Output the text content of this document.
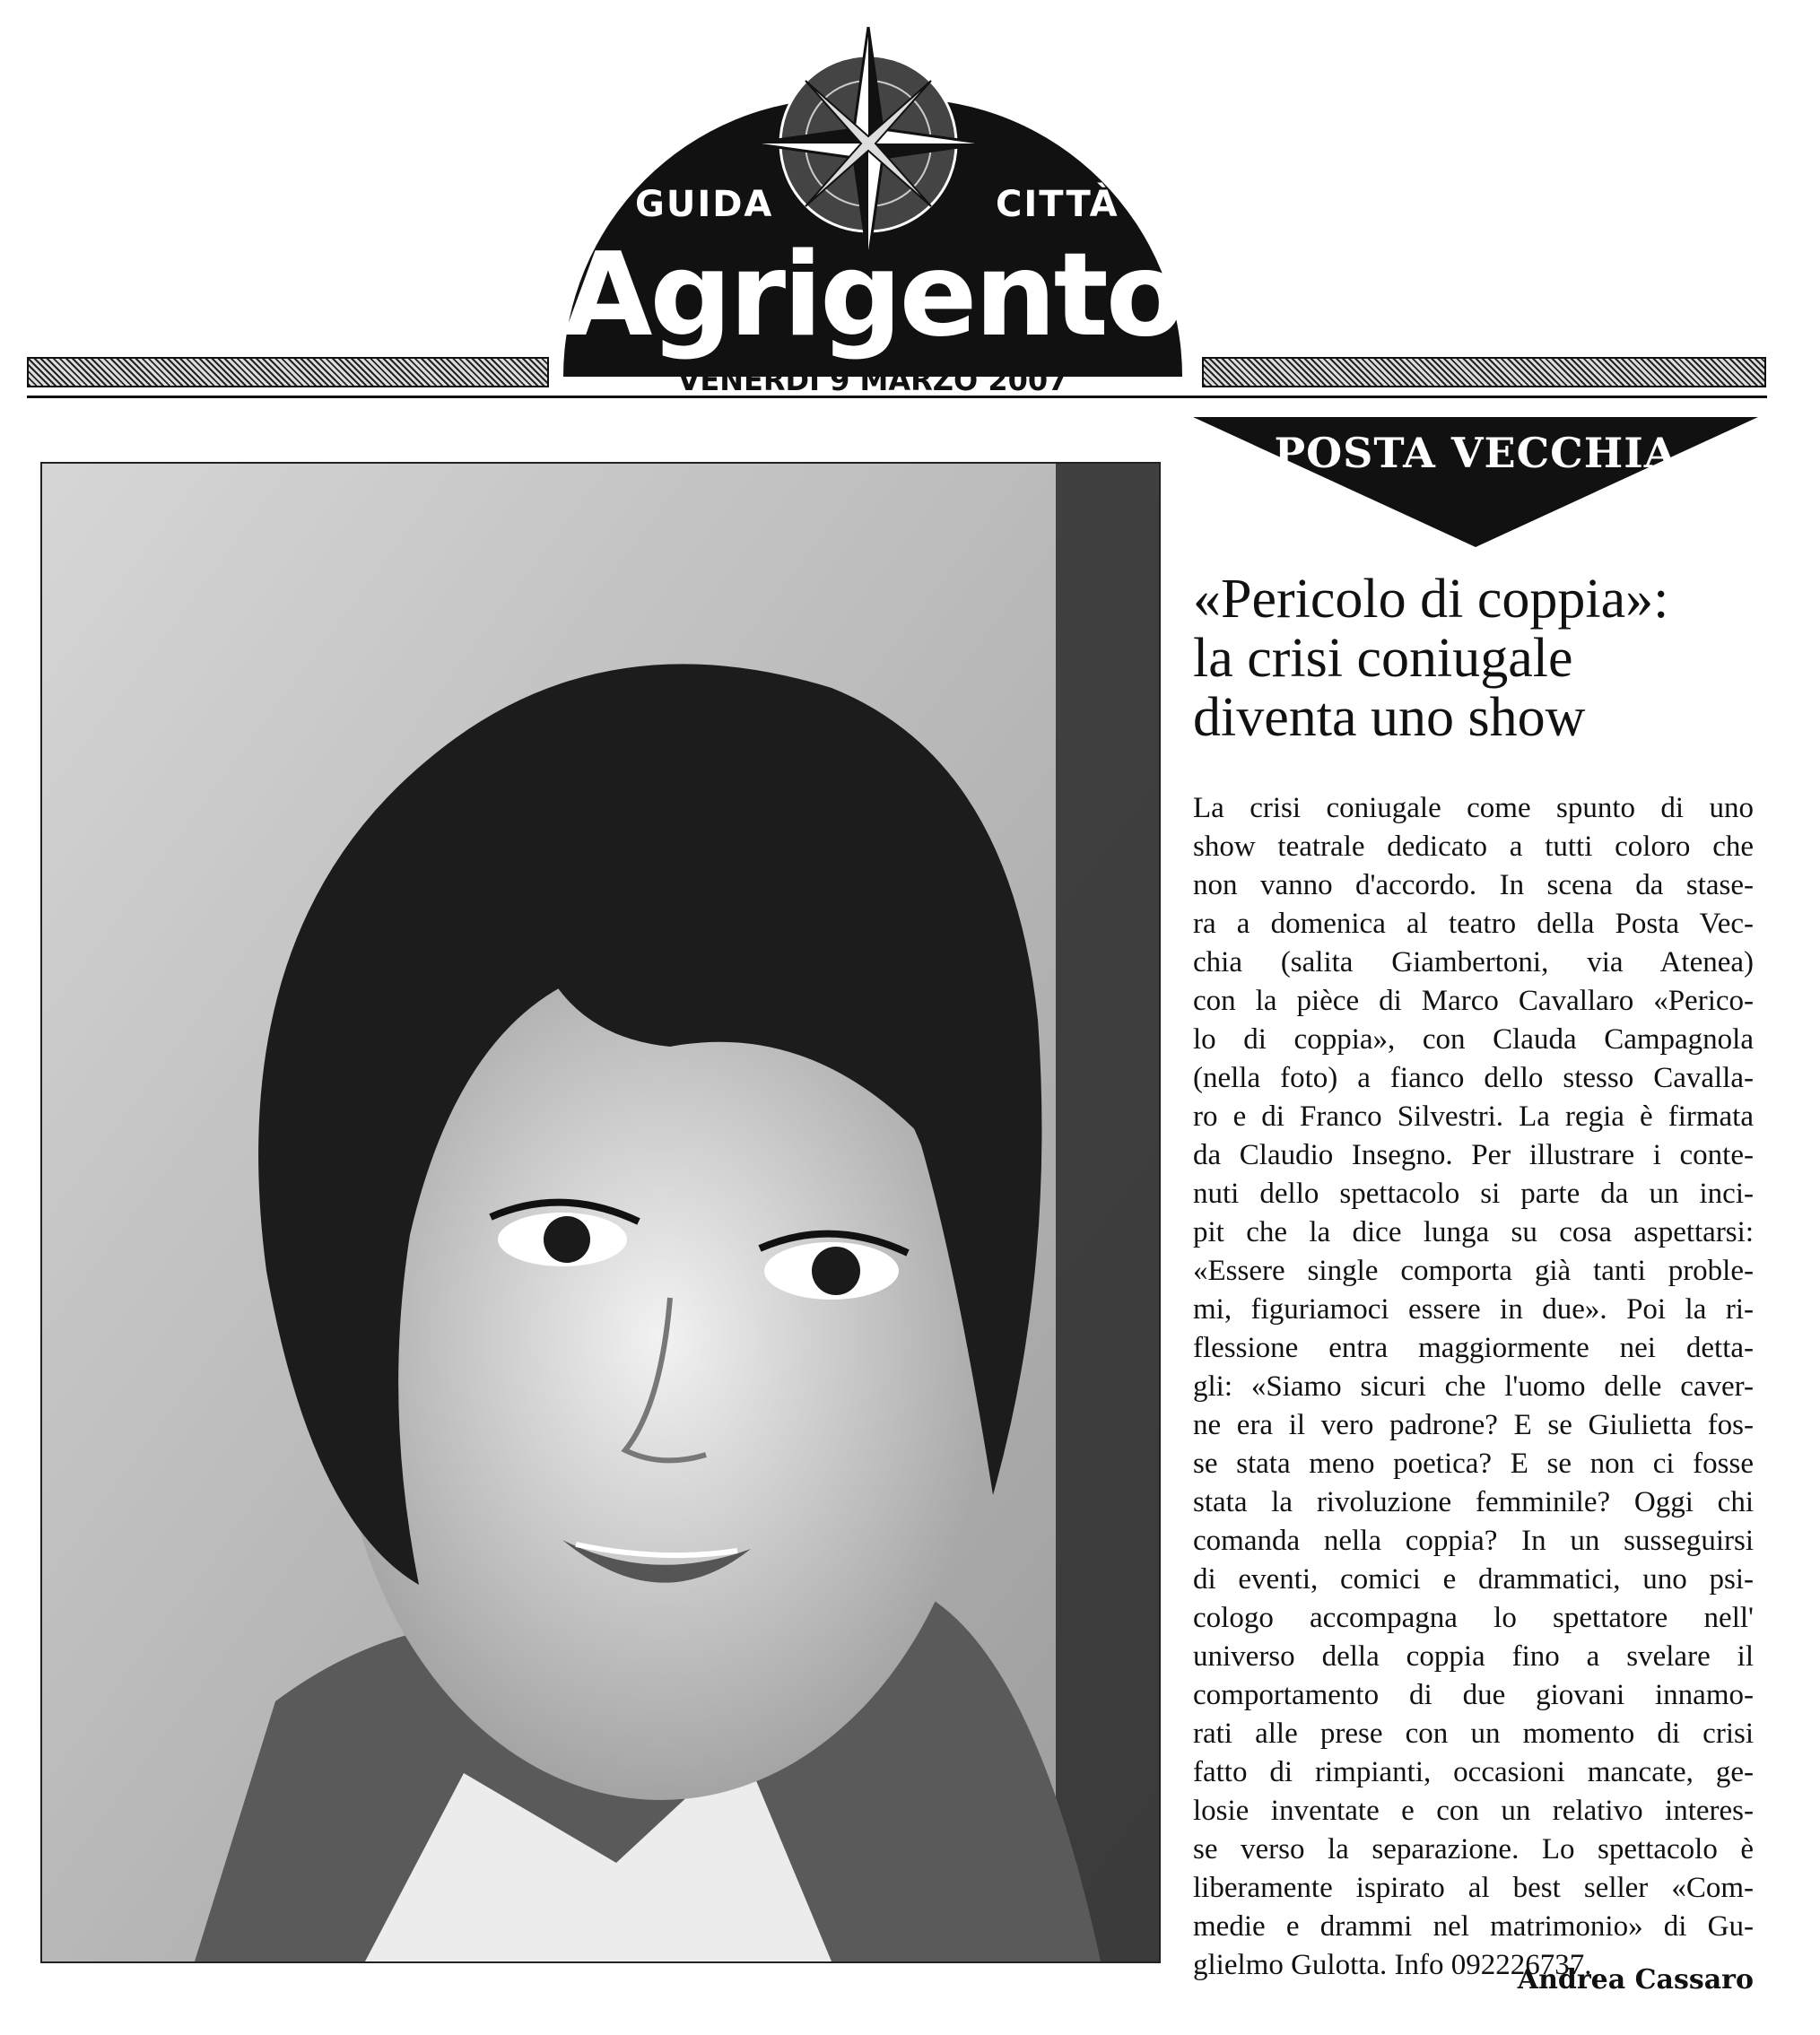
GUIDA	CITTÀ
Agrigento
VENERDÌ 9 MARZO 2007
POSTA VECCHIA
«Pericolo di coppia»:
la crisi coniugale
diventa uno show
La crisi coniugale come spunto di uno
show teatrale dedicato a tutti coloro che
non vanno d'accordo. In scena da stase-
ra a domenica al teatro della Posta Vec-
chia (salita Giambertoni, via Atenea)
con la pièce di Marco Cavallaro «Perico-
lo di coppia», con Clauda Campagnola
(nella foto) a fianco dello stesso Cavalla-
ro e di Franco Silvestri. La regia è firmata
da Claudio Insegno. Per illustrare i conte-
nuti dello spettacolo si parte da un inci-
pit che la dice lunga su cosa aspettarsi:
«Essere single comporta già tanti proble-
mi, figuriamoci essere in due». Poi la ri-
flessione entra maggiormente nei detta-
gli: «Siamo sicuri che l'uomo delle caver-
ne era il vero padrone? E se Giulietta fos-
se stata meno poetica? E se non ci fosse
stata la rivoluzione femminile? Oggi chi
comanda nella coppia? In un susseguirsi
di eventi, comici e drammatici, uno psi-
cologo accompagna lo spettatore nell'
universo della coppia fino a svelare il
comportamento di due giovani innamo-
rati alle prese con un momento di crisi
fatto di rimpianti, occasioni mancate, ge-
losie inventate e con un relativo interes-
se verso la separazione. Lo spettacolo è
liberamente ispirato al best seller «Com-
medie e drammi nel matrimonio» di Gu-
glielmo Gulotta. Info 092226737.
Andrea Cassaro
